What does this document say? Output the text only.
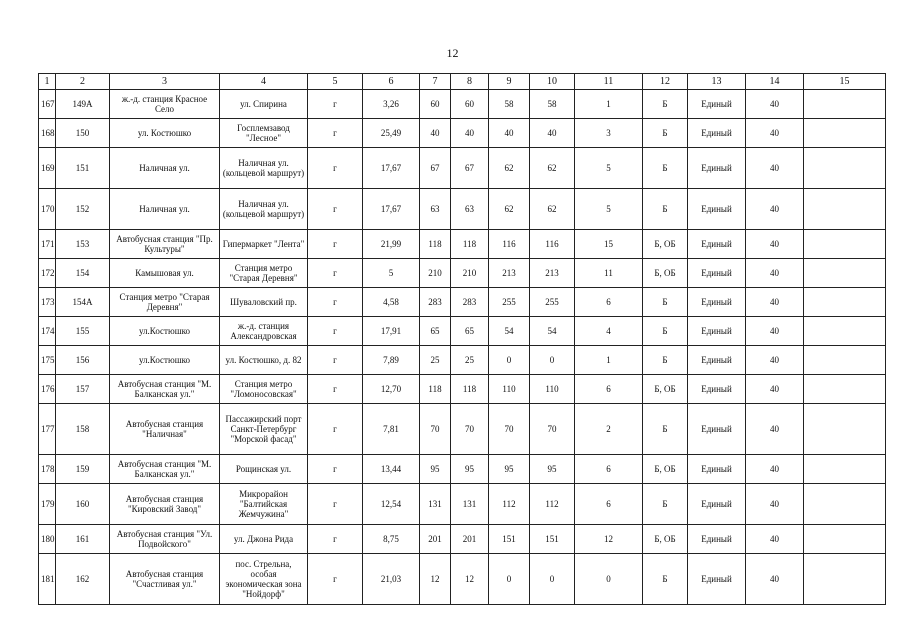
12
1	2	3	4	5	6	7	8	9	10	11	12	13	14	15
167	149А	ж.-д. станция Красное Село	ул. Спирина	г	3,26	60	60	58	58	1	Б	Единый	40	
168	150	ул. Костюшко	Госплемзавод "Лесное"	г	25,49	40	40	40	40	3	Б	Единый	40	
169	151	Наличная ул.	Наличная ул. (кольцевой маршрут)	г	17,67	67	67	62	62	5	Б	Единый	40	
170	152	Наличная ул.	Наличная ул. (кольцевой маршрут)	г	17,67	63	63	62	62	5	Б	Единый	40	
171	153	Автобусная станция "Пр. Культуры"	Гипермаркет "Лента"	г	21,99	118	118	116	116	15	Б, ОБ	Единый	40	
172	154	Камышовая ул.	Станция метро "Старая Деревня"	г	5	210	210	213	213	11	Б, ОБ	Единый	40	
173	154А	Станция метро "Старая Деревня"	Шуваловский пр.	г	4,58	283	283	255	255	6	Б	Единый	40	
174	155	ул.Костюшко	ж.-д. станция Александровская	г	17,91	65	65	54	54	4	Б	Единый	40	
175	156	ул.Костюшко	ул. Костюшко, д. 82	г	7,89	25	25	0	0	1	Б	Единый	40	
176	157	Автобусная станция "М. Балканская ул."	Станция метро "Ломоносовская"	г	12,70	118	118	110	110	6	Б, ОБ	Единый	40	
177	158	Автобусная станция "Наличная"	Пассажирский порт Санкт-Петербург "Морской фасад"	г	7,81	70	70	70	70	2	Б	Единый	40	
178	159	Автобусная станция "М. Балканская ул."	Рощинская ул.	г	13,44	95	95	95	95	6	Б, ОБ	Единый	40	
179	160	Автобусная станция "Кировский Завод"	Микрорайон "Балтийская Жемчужина"	г	12,54	131	131	112	112	6	Б	Единый	40	
180	161	Автобусная станция "Ул. Подвойского"	ул. Джона Рида	г	8,75	201	201	151	151	12	Б, ОБ	Единый	40	
181	162	Автобусная станция "Счастливая ул."	пос. Стрельна, особая экономическая зона "Нойдорф"	г	21,03	12	12	0	0	0	Б	Единый	40	
